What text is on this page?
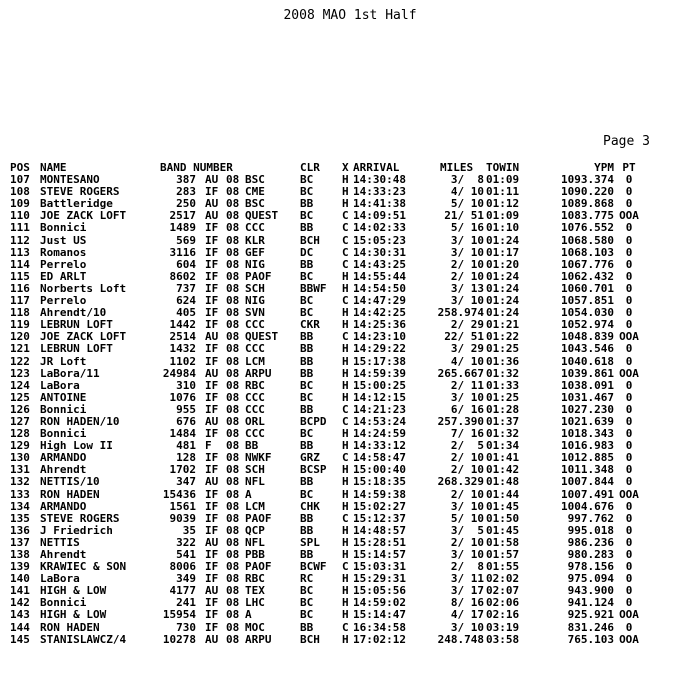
2008 MAO 1st Half
Page 3
POS NAME	BAND NUMBER	CLR X ARRIVAL	MILES TOWIN	YPM PT
107 MONTESANO	387 AU 08 BSC	BC	H 14:30:48	3/  8 01:09	1093.374	0
108 STEVE ROGERS	283 IF 08 CME	BC	H 14:33:23	4/ 10 01:11	1090.220	0
109 Battleridge	250 AU 08 BSC	BB	H 14:41:38	5/ 10 01:12	1089.868	0
110 JOE ZACK LOFT	2517 AU 08 QUEST BC	C 14:09:51	21/ 51 01:09	1083.775 OOA
111 Bonnici	1489 IF 08 CCC	BB	C 14:02:33	5/ 16 01:10	1076.552	0
112 Just US	569 IF 08 KLR	BCH C 15:05:23	3/ 10 01:24	1068.580	0
113 Romanos	3116 IF 08 GEF	DC	C 14:30:31	3/ 10 01:17	1068.103	0
114 Perrelo	604 IF 08 NIG	BB	C 14:43:25	2/ 10 01:20	1067.776	0
115 ED ARLT	8602 IF 08 PAOF	BC	H 14:55:44	2/ 10 01:24	1062.432	0
116 Norberts Loft	737 IF 08 SCH	BBWF H 14:54:50	3/ 13 01:24	1060.701	0
117 Perrelo	624 IF 08 NIG	BC	C 14:47:29	3/ 10 01:24	1057.851	0
118 Ahrendt/10	405 IF 08 SVN	BC	H 14:42:25	258.974 01:24	1054.030	0
119 LEBRUN LOFT	1442 IF 08 CCC	CKR H 14:25:36	2/ 29 01:21	1052.974	0
120 JOE ZACK LOFT	2514 AU 08 QUEST BB	C 14:23:10	22/ 51 01:22	1048.839 OOA
121 LEBRUN LOFT	1432 IF 08 CCC	BB	H 14:29:22	3/ 29 01:25	1043.546	0
122 JR Loft	1102 IF 08 LCM	BB	H 15:17:38	4/ 10 01:36	1040.618	0
123 LaBora/11	24984 AU 08 ARPU	BB	H 14:59:39	265.667 01:32	1039.861 OOA
124 LaBora	310 IF 08 RBC	BC	H 15:00:25	2/ 11 01:33	1038.091	0
125 ANTOINE	1076 IF 08 CCC	BC	H 14:12:15	3/ 10 01:25	1031.467	0
126 Bonnici	955 IF 08 CCC	BB	C 14:21:23	6/ 16 01:28	1027.230	0
127 RON HADEN/10	676 AU 08 ORL	BCPD C 14:53:24	257.390 01:37	1021.639	0
128 Bonnici	1484 IF 08 CCC	BC	H 14:24:59	7/ 16 01:32	1018.343	0
129 High Low II	481 F 08 BB	BB	H 14:33:12	2/  5 01:34	1016.983	0
130 ARMANDO	128 IF 08 NWKF	GRZ C 14:58:47	2/ 10 01:41	1012.885	0
131 Ahrendt	1702 IF 08 SCH	BCSP H 15:00:40	2/ 10 01:42	1011.348	0
132 NETTIS/10	347 AU 08 NFL	BB	H 15:18:35	268.329 01:48	1007.844	0
133 RON HADEN	15436 IF 08 A	BC	H 14:59:38	2/ 10 01:44	1007.491 OOA
134 ARMANDO	1561 IF 08 LCM	CHK H 15:02:27	3/ 10 01:45	1004.676	0
135 STEVE ROGERS	9039 IF 08 PAOF	BB	C 15:12:37	5/ 10 01:50	997.762	0
136 J Friedrich	35 IF 08 QCP	BB	H 14:48:57	3/  5 01:45	995.018	0
137 NETTIS	322 AU 08 NFL	SPL H 15:28:51	2/ 10 01:58	986.236	0
138 Ahrendt	541 IF 08 PBB	BB	H 15:14:57	3/ 10 01:57	980.283	0
139 KRAWIEC & SON	8006 IF 08 PAOF	BCWF C 15:03:31	2/  8 01:55	978.156	0
140 LaBora	349 IF 08 RBC	RC	H 15:29:31	3/ 11 02:02	975.094	0
141 HIGH & LOW	4177 AU 08 TEX	BC	H 15:05:56	3/ 17 02:07	943.900	0
142 Bonnici	241 IF 08 LHC	BC	H 14:59:02	8/ 16 02:06	941.124	0
143 HIGH & LOW	15954 IF 08 A	BC	H 15:14:47	4/ 17 02:16	925.921 OOA
144 RON HADEN	730 IF 08 MOC	BB	C 16:34:58	3/ 10 03:19	831.246	0
145 STANISLAWCZ/4	10278 AU 08 ARPU	BCH H 17:02:12	248.748 03:58	765.103 OOA
